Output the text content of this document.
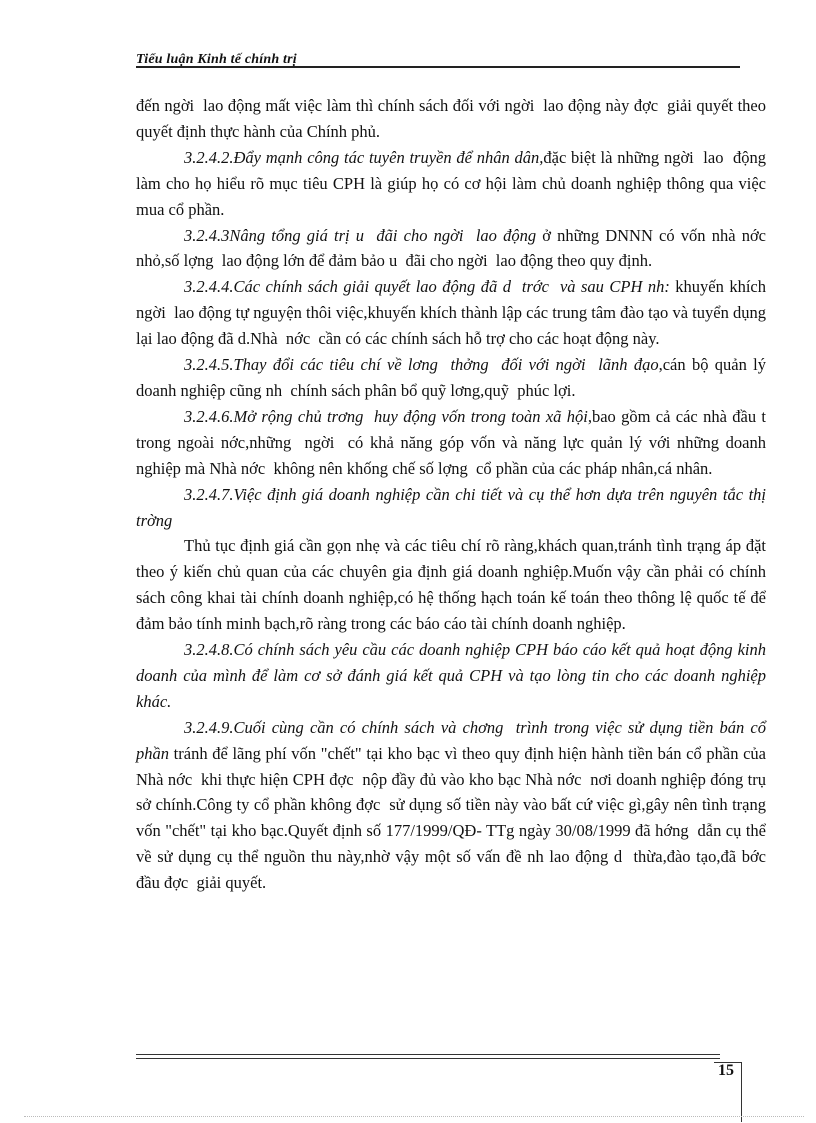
Tiểu luận Kinh tế chính trị

đến ngời  lao động mất việc làm thì chính sách đối với ngời  lao động này đợc  giải quyết theo quyết định thực hành của Chính phủ.

3.2.4.2.Đẩy mạnh công tác tuyên truyền để nhân dân,đặc biệt là những ngời  lao  động làm cho họ hiểu rõ mục tiêu CPH là giúp họ có cơ hội làm chủ doanh nghiệp thông qua việc mua cổ phần.

3.2.4.3Nâng tổng giá trị u  đãi cho ngời  lao động ở những DNNN có vốn nhà nớc  nhỏ,số lợng  lao động lớn để đảm bảo u  đãi cho ngời  lao động theo quy định.

3.2.4.4.Các chính sách giải quyết lao động đã d  trớc  và sau CPH nh: khuyến khích ngời  lao động tự nguyện thôi việc,khuyến khích thành lập các trung tâm đào tạo và tuyển dụng lại lao động đã d.Nhà  nớc  cần có các chính sách hỗ trợ cho các hoạt động này.

3.2.4.5.Thay đổi các tiêu chí về lơng  thởng  đối với ngời  lãnh đạo,cán bộ quản lý doanh nghiệp cũng nh  chính sách phân bổ quỹ lơng,quỹ  phúc lợi.

3.2.4.6.Mở rộng chủ trơng  huy động vốn trong toàn xã hội,bao gồm cả các nhà đầu t  trong ngoài nớc,những  ngời  có khả năng góp vốn và năng lực quản lý với những doanh nghiệp mà Nhà nớc  không nên khống chế số lợng  cổ phần của các pháp nhân,cá nhân.

3.2.4.7.Việc định giá doanh nghiệp cần chi tiết và cụ thể hơn dựa trên nguyên tắc thị trờng

Thủ tục định giá cần gọn nhẹ và các tiêu chí rõ ràng,khách quan,tránh tình trạng áp đặt theo ý kiến chủ quan của các chuyên gia định giá doanh nghiệp.Muốn vậy cần phải có chính sách công khai tài chính doanh nghiệp,có hệ thống hạch toán kế toán theo thông lệ quốc tế để đảm bảo tính minh bạch,rõ ràng trong các báo cáo tài chính doanh nghiệp.

3.2.4.8.Có chính sách yêu cầu các doanh nghiệp CPH báo cáo kết quả hoạt động kinh doanh của mình để làm cơ sở đánh giá kết quả CPH và tạo lòng tin cho các doanh nghiệp khác.

3.2.4.9.Cuối cùng cần có chính sách và chơng  trình trong việc sử dụng tiền bán cổ phần tránh để lãng phí vốn "chết" tại kho bạc vì theo quy định hiện hành tiền bán cổ phần của Nhà nớc  khi thực hiện CPH đợc  nộp đầy đủ vào kho bạc Nhà nớc  nơi doanh nghiệp đóng trụ sở chính.Công ty cổ phần không đợc  sử dụng số tiền này vào bất cứ việc gì,gây nên tình trạng vốn "chết" tại kho bạc.Quyết định số 177/1999/QĐ- TTg ngày 30/08/1999 đã hớng  dẫn cụ thể về sử dụng cụ thể nguồn thu này,nhờ vậy một số vấn đề nh lao động d  thừa,đào tạo,đã bớc  đầu đợc  giải quyết.

15
